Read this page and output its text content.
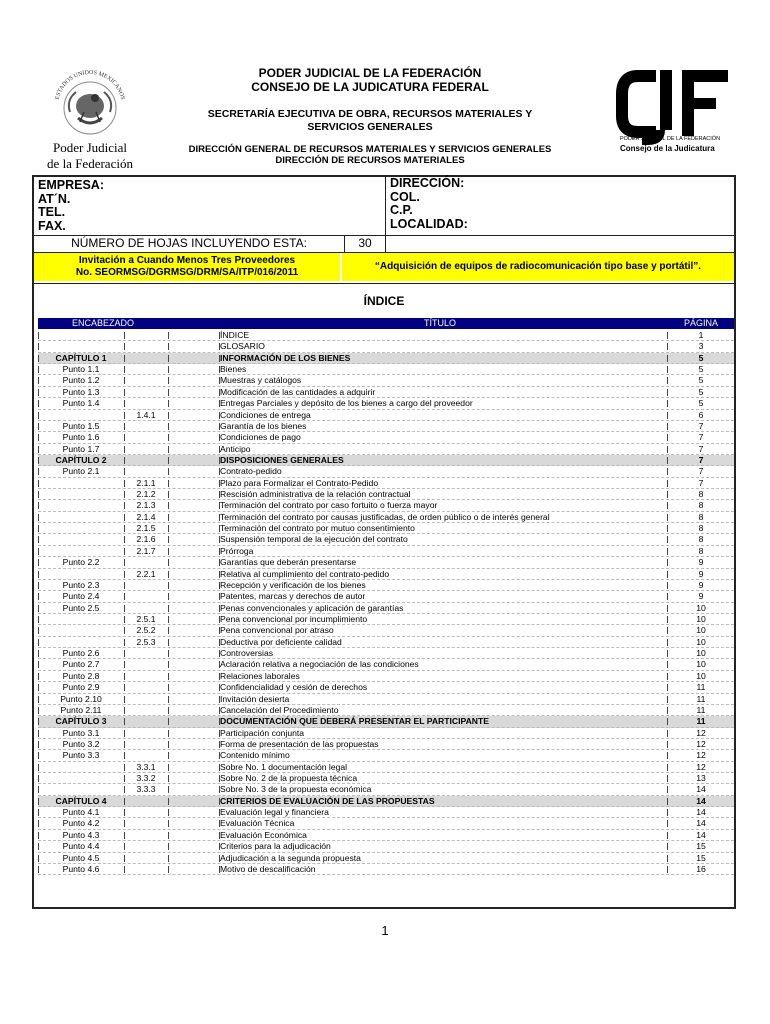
ESTADOS UNIDOS MEXICANOS
Poder Judicial
de la Federación
PODER JUDICIAL DE LA FEDERACIÓN
CONSEJO DE LA JUDICATURA FEDERAL
SECRETARÍA EJECUTIVA DE OBRA, RECURSOS MATERIALES Y SERVICIOS GENERALES
DIRECCIÓN GENERAL DE RECURSOS MATERIALES Y SERVICIOS GENERALES
DIRECCIÓN DE RECURSOS MATERIALES
PODER JUDICIAL DE LA FEDERACIÓN
Consejo de la Judicatura
EMPRESA:
AT´N.
TEL.
FAX.
DIRECCIÓN:
COL.
C.P.
LOCALIDAD:
NÚMERO DE HOJAS INCLUYENDO ESTA:	30
Invitación a Cuando Menos Tres Proveedores
No. SEORMSG/DGRMSG/DRM/SA/ITP/016/2011	“Adquisición de equipos de radiocomunicación tipo base y portátil”.
ÍNDICE
ENCABEZADO	TÍTULO	PÁGINA
ÍNDICE	1
GLOSARIO	3
CAPÍTULO 1	INFORMACIÓN DE LOS BIENES	5
Punto 1.1	Bienes	5
Punto 1.2	Muestras y catálogos	5
Punto 1.3	Modificación de las cantidades a adquirir	5
Punto 1.4	Entregas Parciales y depósito de los bienes a cargo del proveedor	5
1.4.1	Condiciones de entrega	6
Punto 1.5	Garantía de los bienes	7
Punto 1.6	Condiciones de pago	7
Punto 1.7	Anticipo	7
CAPÍTULO 2	DISPOSICIONES GENERALES	7
Punto 2.1	Contrato-pedido	7
2.1.1	Plazo para Formalizar el Contrato-Pedido	7
2.1.2	Rescisión administrativa de la relación contractual	8
2.1.3	Terminación del contrato por caso fortuito o fuerza mayor	8
2.1.4	Terminación del contrato por causas justificadas, de orden público o de interés general	8
2.1.5	Terminación del contrato por mutuo consentimiento	8
2.1.6	Suspensión temporal de la ejecución del contrato	8
2.1.7	Prórroga	8
Punto 2.2	Garantías que deberán presentarse	9
2.2.1	Relativa al cumplimiento del contrato-pedido	9
Punto 2.3	Recepción y verificación de los bienes	9
Punto 2.4	Patentes, marcas y derechos de autor	9
Punto 2.5	Penas convencionales y aplicación de garantías	10
2.5.1	Pena convencional por incumplimiento	10
2.5.2	Pena convencional por atraso	10
2.5.3	Deductiva por deficiente calidad	10
Punto 2.6	Controversias	10
Punto 2.7	Aclaración relativa a negociación de las condiciones	10
Punto 2.8	Relaciones laborales	10
Punto 2.9	Confidencialidad y cesión de derechos	11
Punto 2.10	Invitación desierta	11
Punto 2.11	Cancelación del Procedimiento	11
CAPÍTULO 3	DOCUMENTACIÓN QUE DEBERÁ PRESENTAR EL PARTICIPANTE	11
Punto 3.1	Participación conjunta	12
Punto 3.2	Forma de presentación de las propuestas	12
Punto 3.3	Contenido mínimo	12
3.3.1	Sobre No. 1 documentación legal	12
3.3.2	Sobre No. 2 de la propuesta técnica	13
3.3.3	Sobre No. 3 de la propuesta económica	14
CAPÍTULO 4	CRITERIOS DE EVALUACIÓN DE LAS PROPUESTAS	14
Punto 4.1	Evaluación legal y financiera	14
Punto 4.2	Evaluación Técnica	14
Punto 4.3	Evaluación Económica	14
Punto 4.4	Criterios para la adjudicación	15
Punto 4.5	Adjudicación a la segunda propuesta	15
Punto 4.6	Motivo de descalificación	16
1
